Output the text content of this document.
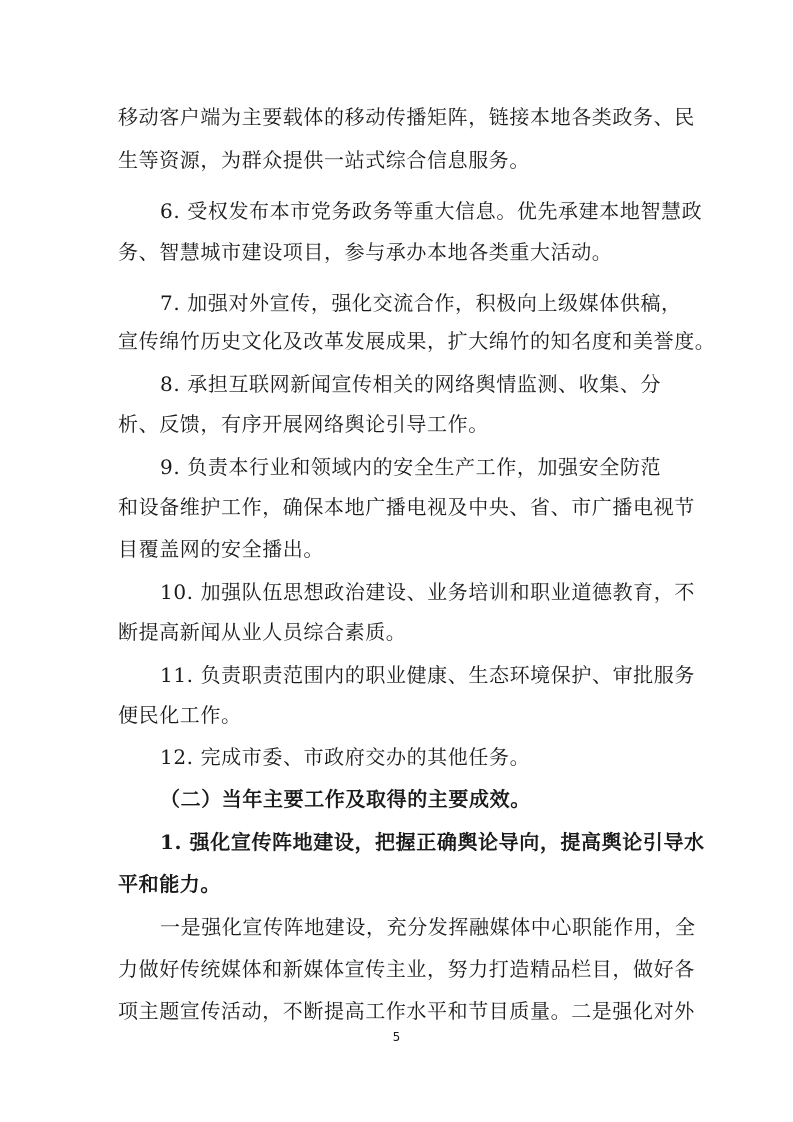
移动客户端为主要载体的移动传播矩阵，链接本地各类政务、民
生等资源，为群众提供一站式综合信息服务。
6. 受权发布本市党务政务等重大信息。优先承建本地智慧政
务、智慧城市建设项目，参与承办本地各类重大活动。
7. 加强对外宣传，强化交流合作，积极向上级媒体供稿，
宣传绵竹历史文化及改革发展成果，扩大绵竹的知名度和美誉度。
8. 承担互联网新闻宣传相关的网络舆情监测、收集、分
析、反馈，有序开展网络舆论引导工作。
9. 负责本行业和领域内的安全生产工作，加强安全防范
和设备维护工作，确保本地广播电视及中央、省、市广播电视节
目覆盖网的安全播出。
10. 加强队伍思想政治建设、业务培训和职业道德教育，不
断提高新闻从业人员综合素质。
11. 负责职责范围内的职业健康、生态环境保护、审批服务
便民化工作。
12. 完成市委、市政府交办的其他任务。
（二）当年主要工作及取得的主要成效。
1. 强化宣传阵地建设，把握正确舆论导向，提高舆论引导水
平和能力。
一是强化宣传阵地建设，充分发挥融媒体中心职能作用，全
力做好传统媒体和新媒体宣传主业，努力打造精品栏目，做好各
项主题宣传活动，不断提高工作水平和节目质量。二是强化对外
5
